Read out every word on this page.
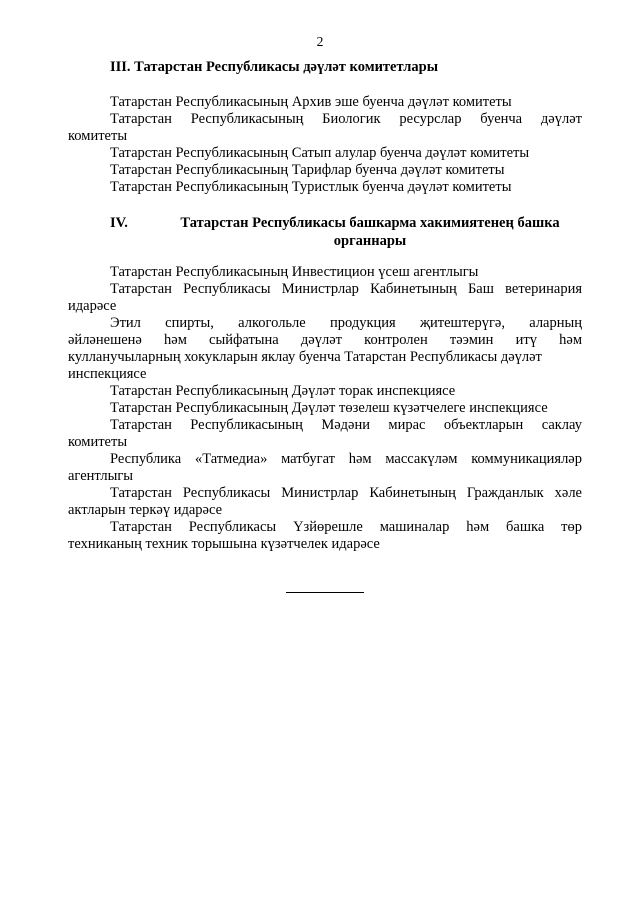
2
III. Татарстан Республикасы дәүләт комитетлары

Татарстан Республикасының Архив эше буенча дәүләт комитеты

Татарстан Республикасының Биологик ресурслар буенча дәүләт

комитеты

Татарстан Республикасының Сатып алулар буенча дәүләт комитеты

Татарстан Республикасының Тарифлар буенча дәүләт комитеты

Татарстан Республикасының Туристлык буенча дәүләт комитеты

IV.	Татарстан Республикасы башкарма хакимиятенең башка
органнары

Татарстан Республикасының Инвестицион үсеш агентлыгы

Татарстан Республикасы Министрлар Кабинетының Баш ветеринария

идарәсе

Этил спирты, алкогольле продукция җитештерүгә, аларның

әйләнешенә һәм сыйфатына дәүләт контролен тәэмин итү һәм

кулланучыларның хокукларын яклау буенча Татарстан Республикасы дәүләт

инспекциясе

Татарстан Республикасының Дәүләт торак инспекциясе

Татарстан Республикасының Дәүләт төзелеш күзәтчелеге инспекциясе

Татарстан Республикасының Мәдәни мирас объектларын саклау

комитеты

Республика «Татмедиа» матбугат һәм массакүләм коммуникацияләр

агентлыгы

Татарстан Республикасы Министрлар Кабинетының Гражданлык хәле

актларын теркәү идарәсе

Татарстан Республикасы Үзйөрешле машиналар һәм башка төр

техниканың техник торышына күзәтчелек идарәсе
